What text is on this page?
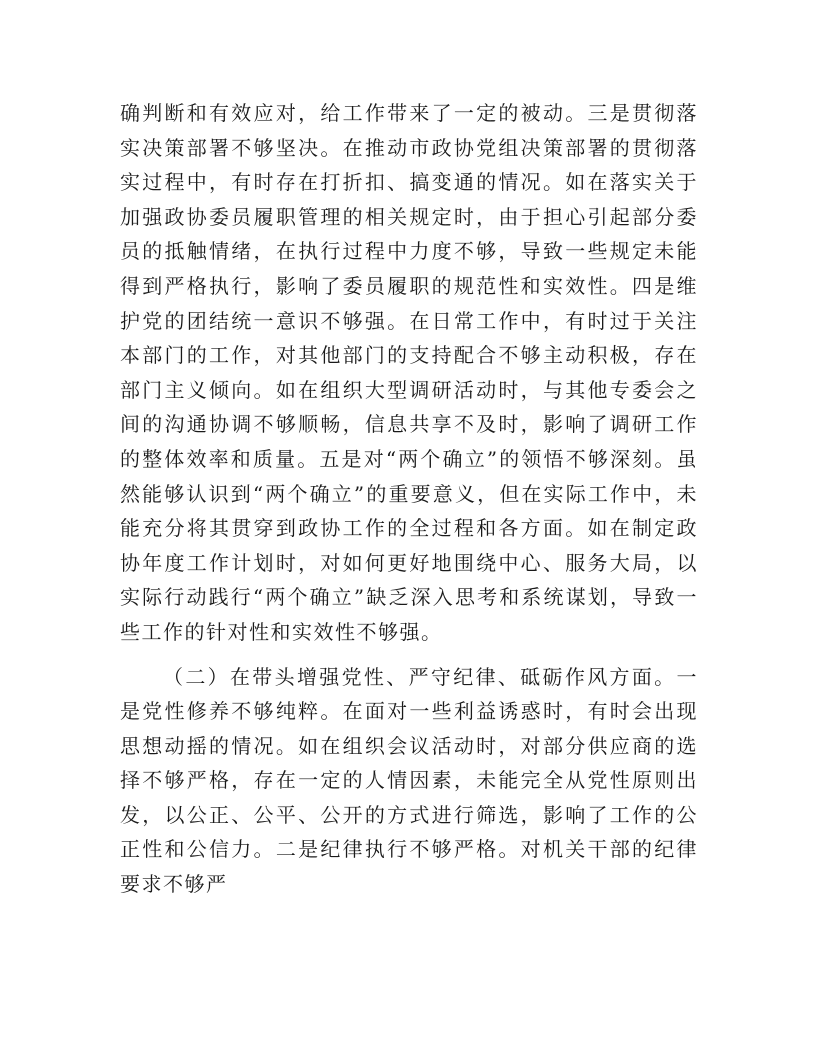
确判断和有效应对，给工作带来了一定的被动。三是贯彻落实决策部署不够坚决。在推动市政协党组决策部署的贯彻落实过程中，有时存在打折扣、搞变通的情况。如在落实关于加强政协委员履职管理的相关规定时，由于担心引起部分委员的抵触情绪，在执行过程中力度不够，导致一些规定未能得到严格执行，影响了委员履职的规范性和实效性。四是维护党的团结统一意识不够强。在日常工作中，有时过于关注本部门的工作，对其他部门的支持配合不够主动积极，存在部门主义倾向。如在组织大型调研活动时，与其他专委会之间的沟通协调不够顺畅，信息共享不及时，影响了调研工作的整体效率和质量。五是对“两个确立”的领悟不够深刻。虽然能够认识到“两个确立”的重要意义，但在实际工作中，未能充分将其贯穿到政协工作的全过程和各方面。如在制定政协年度工作计划时，对如何更好地围绕中心、服务大局，以实际行动践行“两个确立”缺乏深入思考和系统谋划，导致一些工作的针对性和实效性不够强。

（二）在带头增强党性、严守纪律、砥砺作风方面。一是党性修养不够纯粹。在面对一些利益诱惑时，有时会出现思想动摇的情况。如在组织会议活动时，对部分供应商的选择不够严格，存在一定的人情因素，未能完全从党性原则出发，以公正、公平、公开的方式进行筛选，影响了工作的公正性和公信力。二是纪律执行不够严格。对机关干部的纪律要求不够严
